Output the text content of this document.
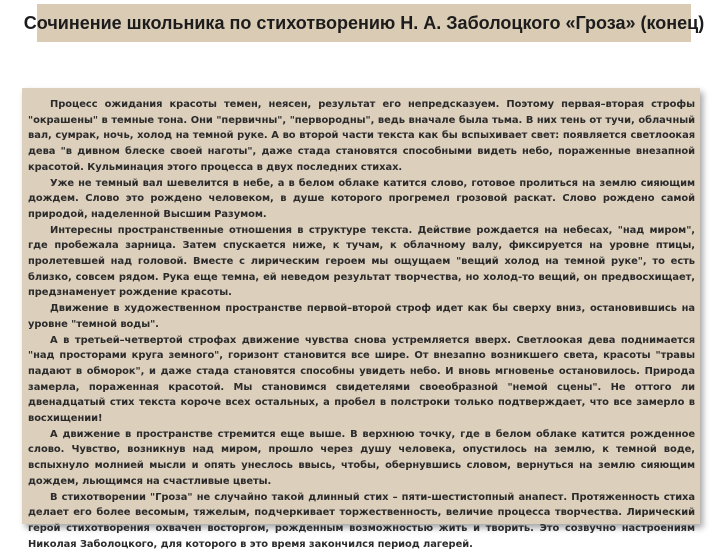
Сочинение школьника по стихотворению Н. А. Заболоцкого «Гроза» (конец)

Процесс ожидания красоты темен, неясен, результат его непредсказуем. Поэтому первая–вторая строфы "окрашены" в темные тона. Они "первичны", "первородны", ведь вначале была тьма. В них тень от тучи, облачный вал, сумрак, ночь, холод на темной руке. А во второй части текста как бы вспыхивает свет: появляется светлоокая дева "в дивном блеске своей наготы", даже стада становятся способными видеть небо, пораженные внезапной красотой. Кульминация этого процесса в двух последних стихах.

Уже не темный вал шевелится в небе, а в белом облаке катится слово, готовое пролиться на землю сияющим дождем. Слово это рождено человеком, в душе которого прогремел грозовой раскат. Слово рождено самой природой, наделенной Высшим Разумом.

Интересны пространственные отношения в структуре текста. Действие рождается на небесах, "над миром", где пробежала зарница. Затем спускается ниже, к тучам, к облачному валу, фиксируется на уровне птицы, пролетевшей над головой. Вместе с лирическим героем мы ощущаем "вещий холод на темной руке", то есть близко, совсем рядом. Рука еще темна, ей неведом результат творчества, но холод-то вещий, он предвосхищает, предзнаменует рождение красоты.

Движение в художественном пространстве первой–второй строф идет как бы сверху вниз, остановившись на уровне "темной воды".

А в третьей–четвертой строфах движение чувства снова устремляется вверх. Светлоокая дева поднимается "над просторами круга земного", горизонт становится все шире. От внезапно возникшего света, красоты "травы падают в обморок", и даже стада становятся способны увидеть небо. И вновь мгновенье остановилось. Природа замерла, пораженная красотой. Мы становимся свидетелями своеобразной "немой сцены". Не оттого ли двенадцатый стих текста короче всех остальных, а пробел в полстроки только подтверждает, что все замерло в восхищении!

А движение в пространстве стремится еще выше. В верхнюю точку, где в белом облаке катится рожденное слово. Чувство, возникнув над миром, прошло через душу человека, опустилось на землю, к темной воде, вспыхнуло молнией мысли и опять унеслось ввысь, чтобы, обернувшись словом, вернуться на землю сияющим дождем, льющимся на счастливые цветы.

В стихотворении "Гроза" не случайно такой длинный стих – пяти-шестистопный анапест. Протяженность стиха делает его более весомым, тяжелым, подчеркивает торжественность, величие процесса творчества. Лирический герой стихотворения охвачен восторгом, рожденным возможностью жить и творить. Это созвучно настроениям Николая Заболоцкого, для которого в это время закончился период лагерей.
